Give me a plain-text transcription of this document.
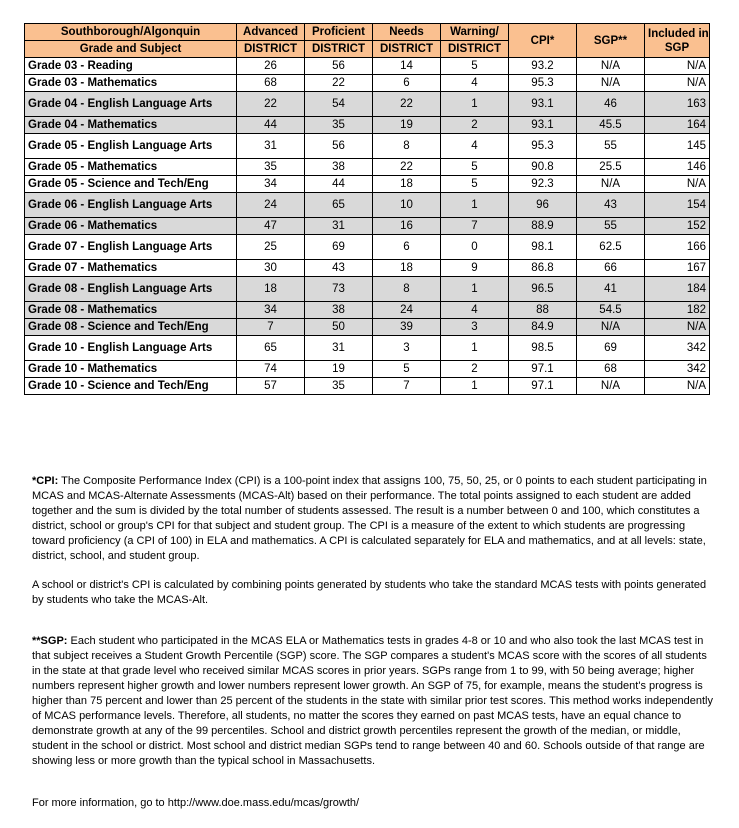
Southborough/Algonquin	Advanced	Proficient	Needs	Warning/	CPI*	SGP**	Included in
SGP
Grade and Subject	DISTRICT	DISTRICT	DISTRICT	DISTRICT			
Grade 03 - Reading	26	56	14	5	93.2	N/A	N/A
Grade 03 - Mathematics	68	22	6	4	95.3	N/A	N/A
Grade 04 - English Language Arts	22	54	22	1	93.1	46	163
Grade 04 - Mathematics	44	35	19	2	93.1	45.5	164
Grade 05 - English Language Arts	31	56	8	4	95.3	55	145
Grade 05 - Mathematics	35	38	22	5	90.8	25.5	146
Grade 05 - Science and Tech/Eng	34	44	18	5	92.3	N/A	N/A
Grade 06 - English Language Arts	24	65	10	1	96	43	154
Grade 06 - Mathematics	47	31	16	7	88.9	55	152
Grade 07 - English Language Arts	25	69	6	0	98.1	62.5	166
Grade 07 - Mathematics	30	43	18	9	86.8	66	167
Grade 08 - English Language Arts	18	73	8	1	96.5	41	184
Grade 08 - Mathematics	34	38	24	4	88	54.5	182
Grade 08 - Science and Tech/Eng	7	50	39	3	84.9	N/A	N/A
Grade 10 - English Language Arts	65	31	3	1	98.5	69	342
Grade 10 - Mathematics	74	19	5	2	97.1	68	342
Grade 10 - Science and Tech/Eng	57	35	7	1	97.1	N/A	N/A

*CPI: The Composite Performance Index (CPI) is a 100-point index that assigns 100, 75, 50, 25, or 0 points to each student participating in MCAS and MCAS-Alternate Assessments (MCAS-Alt) based on their performance. The total points assigned to each student are added together and the sum is divided by the total number of students assessed. The result is a number between 0 and 100, which constitutes a district, school or group's CPI for that subject and student group. The CPI is a measure of the extent to which students are progressing toward proficiency (a CPI of 100) in ELA and mathematics. A CPI is calculated separately for ELA and mathematics, and at all levels: state, district, school, and student group.

A school or district's CPI is calculated by combining points generated by students who take the standard MCAS tests with points generated by students who take the MCAS-Alt.

**SGP: Each student who participated in the MCAS ELA or Mathematics tests in grades 4-8 or 10 and who also took the last MCAS test in that subject receives a Student Growth Percentile (SGP) score. The SGP compares a student's MCAS score with the scores of all students in the state at that grade level who received similar MCAS scores in prior years. SGPs range from 1 to 99, with 50 being average; higher numbers represent higher growth and lower numbers represent lower growth. An SGP of 75, for example, means the student's progress is higher than 75 percent and lower than 25 percent of the students in the state with similar prior test scores. This method works independently of MCAS performance levels. Therefore, all students, no matter the scores they earned on past MCAS tests, have an equal chance to demonstrate growth at any of the 99 percentiles. School and district growth percentiles represent the growth of the median, or middle, student in the school or district. Most school and district median SGPs tend to range between 40 and 60. Schools outside of that range are showing less or more growth than the typical school in Massachusetts.

For more information, go to http://www.doe.mass.edu/mcas/growth/
